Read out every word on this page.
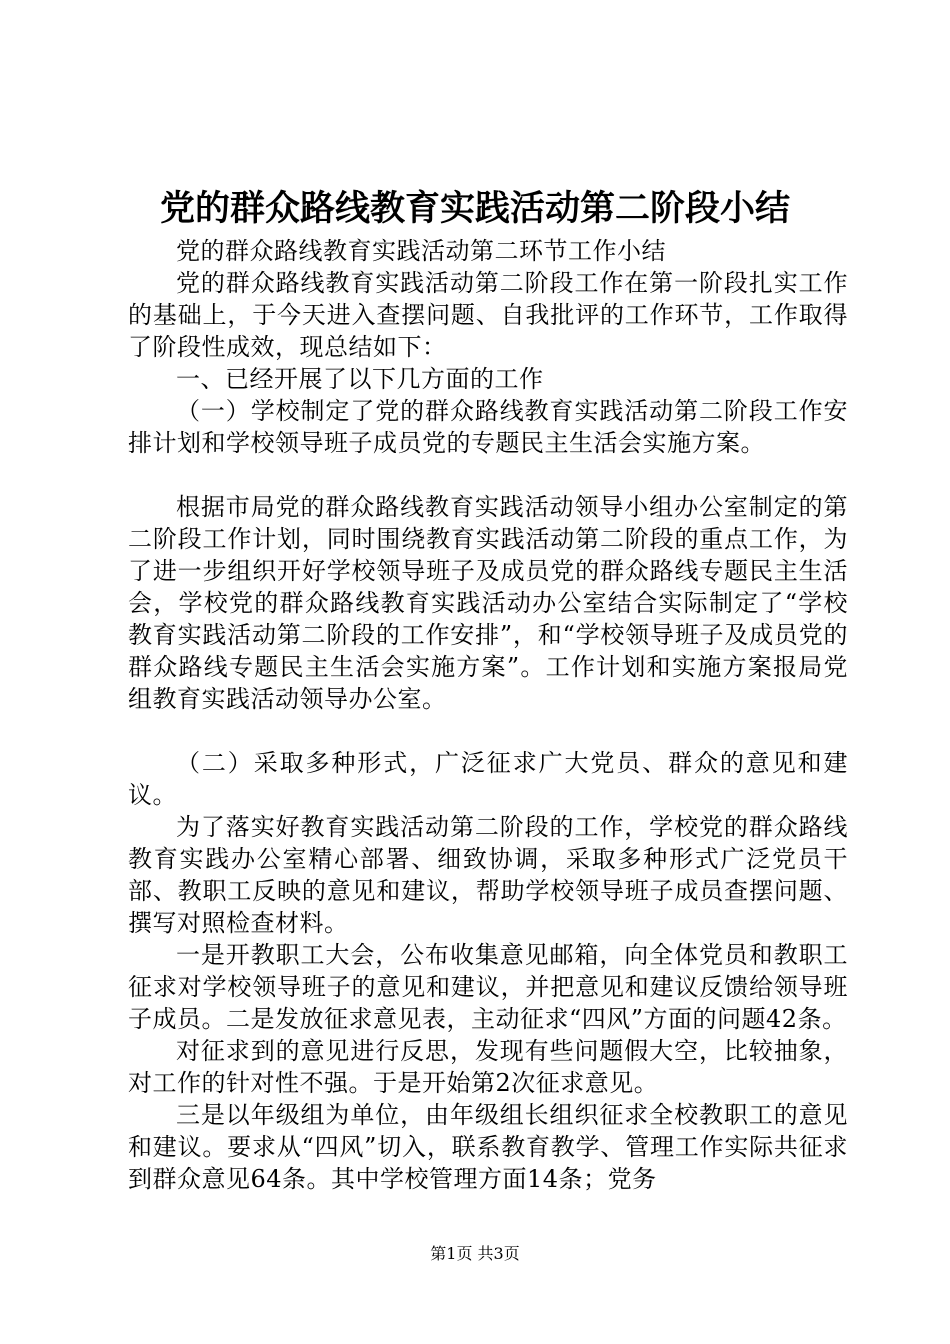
党的群众路线教育实践活动第二阶段小结

党的群众路线教育实践活动第二环节工作小结

党的群众路线教育实践活动第二阶段工作在第一阶段扎实工作的基础上，于今天进入查摆问题、自我批评的工作环节，工作取得了阶段性成效，现总结如下：

一、已经开展了以下几方面的工作

（一）学校制定了党的群众路线教育实践活动第二阶段工作安排计划和学校领导班子成员党的专题民主生活会实施方案。

根据市局党的群众路线教育实践活动领导小组办公室制定的第二阶段工作计划，同时围绕教育实践活动第二阶段的重点工作，为了进一步组织开好学校领导班子及成员党的群众路线专题民主生活会，学校党的群众路线教育实践活动办公室结合实际制定了“学校教育实践活动第二阶段的工作安排”，和“学校领导班子及成员党的群众路线专题民主生活会实施方案”。工作计划和实施方案报局党组教育实践活动领导办公室。

（二）采取多种形式，广泛征求广大党员、群众的意见和建议。

为了落实好教育实践活动第二阶段的工作，学校党的群众路线教育实践办公室精心部署、细致协调，采取多种形式广泛党员干部、教职工反映的意见和建议，帮助学校领导班子成员查摆问题、撰写对照检查材料。

一是开教职工大会，公布收集意见邮箱，向全体党员和教职工征求对学校领导班子的意见和建议，并把意见和建议反馈给领导班子成员。二是发放征求意见表，主动征求“四风”方面的问题42条。

对征求到的意见进行反思，发现有些问题假大空，比较抽象，对工作的针对性不强。于是开始第2次征求意见。

三是以年级组为单位，由年级组长组织征求全校教职工的意见和建议。要求从“四风”切入，联系教育教学、管理工作实际共征求到群众意见64条。其中学校管理方面14条；党务

第1页 共3页
